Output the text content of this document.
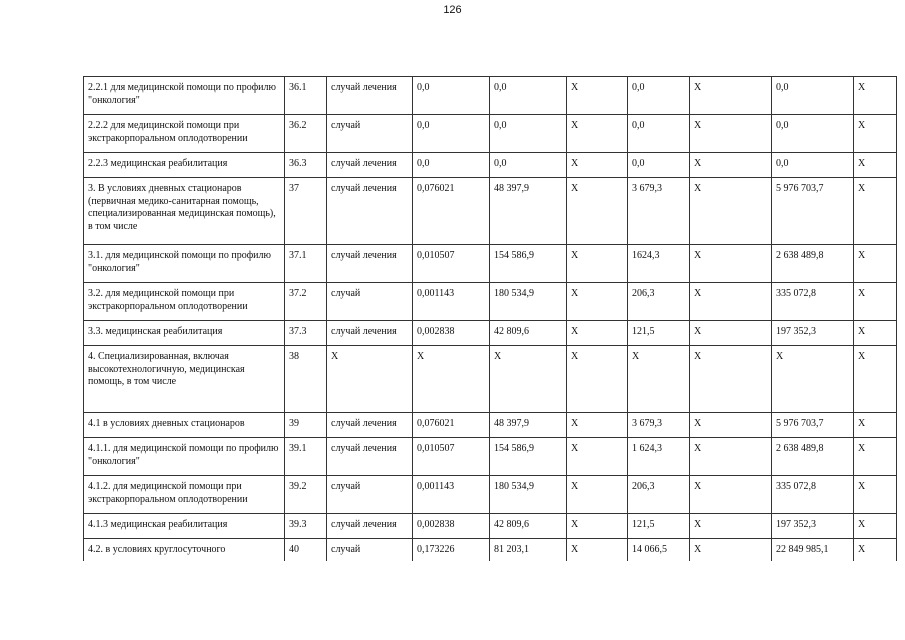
126
2.2.1 для медицинской помощи по профилю "онкология"	36.1	случай лечения	0,0	0,0	Х	0,0	Х	0,0	Х
2.2.2 для медицинской помощи при экстракорпоральном оплодотворении	36.2	случай	0,0	0,0	Х	0,0	Х	0,0	Х
2.2.3 медицинская реабилитация	36.3	случай лечения	0,0	0,0	Х	0,0	Х	0,0	Х
3. В условиях дневных стационаров (первичная медико-санитарная помощь, специализированная медицинская помощь), в том числе	37	случай лечения	0,076021	48 397,9	Х	3 679,3	Х	5 976 703,7	Х
3.1. для медицинской помощи по профилю "онкология"	37.1	случай лечения	0,010507	154 586,9	Х	1624,3	Х	2 638 489,8	Х
3.2. для медицинской помощи при экстракорпоральном оплодотворении	37.2	случай	0,001143	180 534,9	Х	206,3	Х	335 072,8	Х
3.3. медицинская реабилитация	37.3	случай лечения	0,002838	42 809,6	Х	121,5	Х	197 352,3	Х
4. Специализированная, включая высокотехнологичную, медицинская помощь, в том числе	38	Х	Х	Х	Х	Х	Х	Х	Х
4.1 в условиях дневных стационаров	39	случай лечения	0,076021	48 397,9	Х	3 679,3	Х	5 976 703,7	Х
4.1.1. для медицинской помощи по профилю "онкология"	39.1	случай лечения	0,010507	154 586,9	Х	1 624,3	Х	2 638 489,8	Х
4.1.2. для медицинской помощи при экстракорпоральном оплодотворении	39.2	случай	0,001143	180 534,9	Х	206,3	Х	335 072,8	Х
4.1.3 медицинская реабилитация	39.3	случай лечения	0,002838	42 809,6	Х	121,5	Х	197 352,3	Х
4.2. в условиях круглосуточного	40	случай	0,173226	81 203,1	Х	14 066,5	Х	22 849 985,1	Х
